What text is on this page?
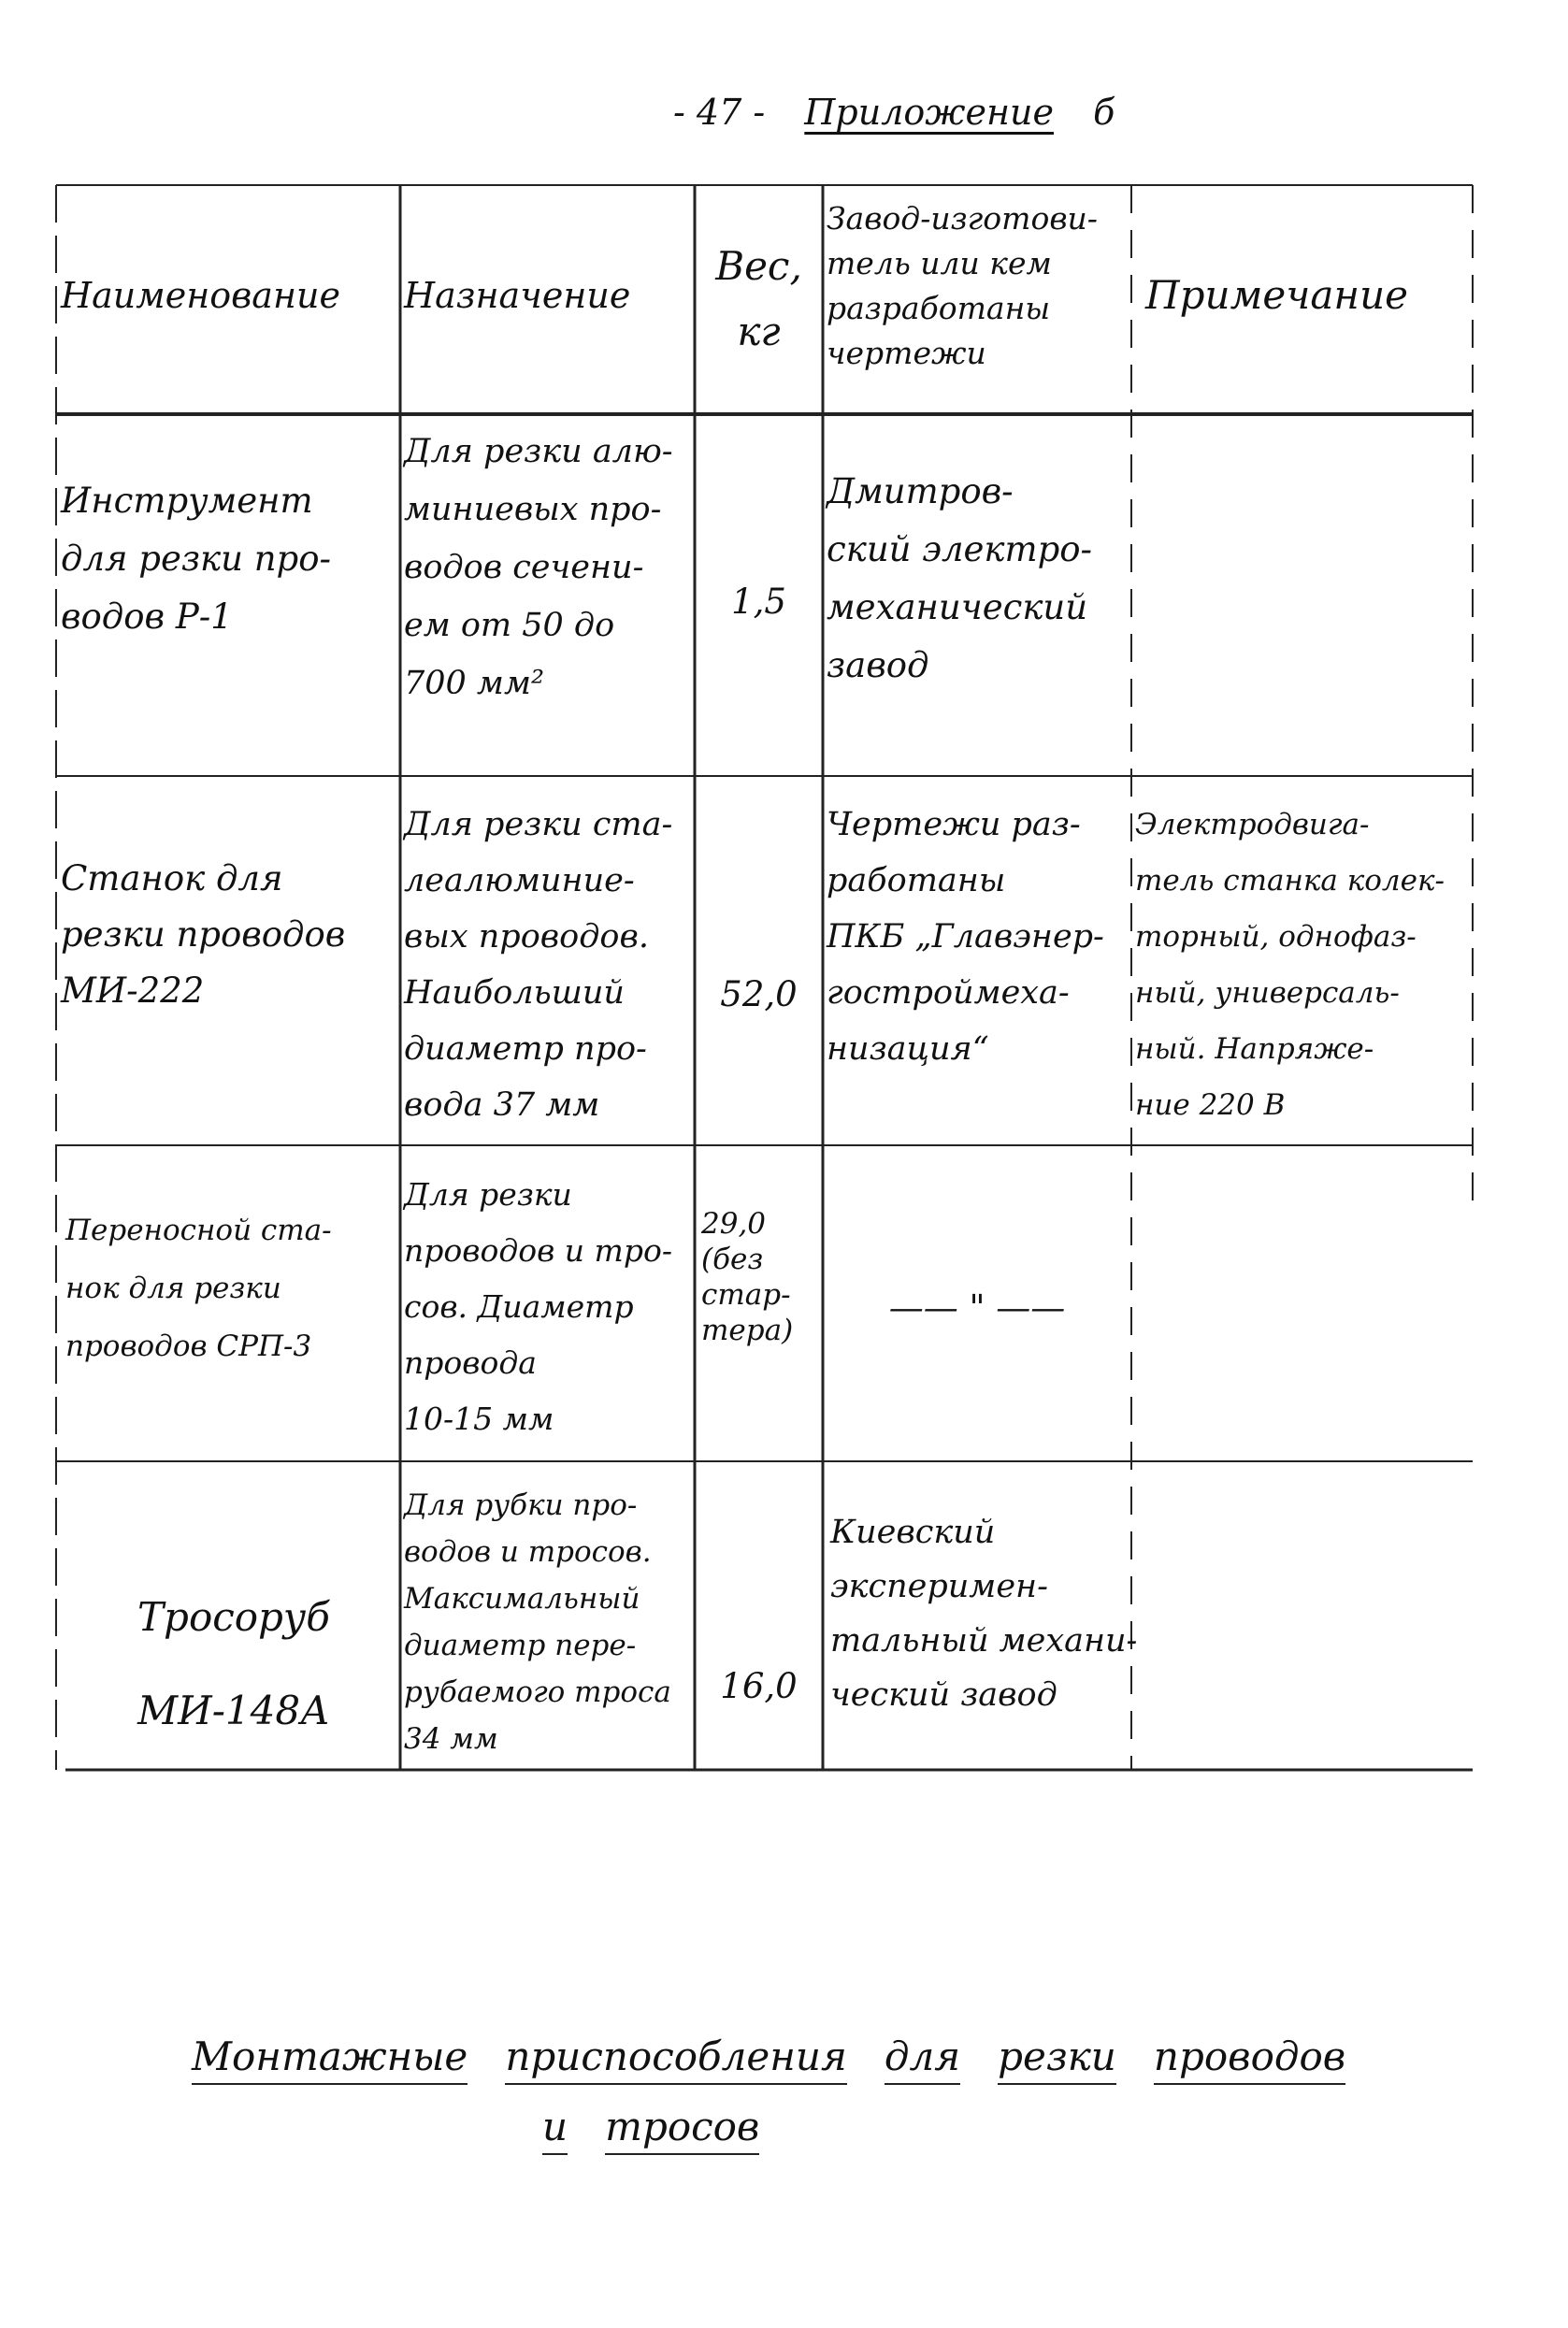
- 47 - Приложение б
Наименование Назначение
Вес,
кг
Завод-изготови-
тель или кем
разработаны
чертежи
Примечание
Инструмент
для резки про-
водов Р-1
Для резки алю-
миниевых про-
водов сечени-
ем от 50 до
700 мм²
1,5
Дмитров-
ский электро-
механический
завод
Станок для
резки проводов
МИ-222
Для резки ста-
леалюминие-
вых проводов.
Наибольший
диаметр про-
вода 37 мм
52,0
Чертежи раз-
работаны
ПКБ „Главэнер-
гостроймеха-
низация“
Электродвига-
тель станка колек-
торный, однофаз-
ный, универсаль-
ный. Напряже-
ние 220 В
Переносной ста-
нок для резки
проводов СРП-3
Для резки
проводов и тро-
сов. Диаметр
провода
10-15 мм
29,0
(без
стар-
тера)
—— " ——
Тросоруб
МИ-148А
Для рубки про-
водов и тросов.
Максимальный
диаметр пере-
рубаемого троса
34 мм
16,0
Киевский
эксперимен-
тальный механи-
ческий завод
Монтажные приспособления для резки проводов
и тросов
